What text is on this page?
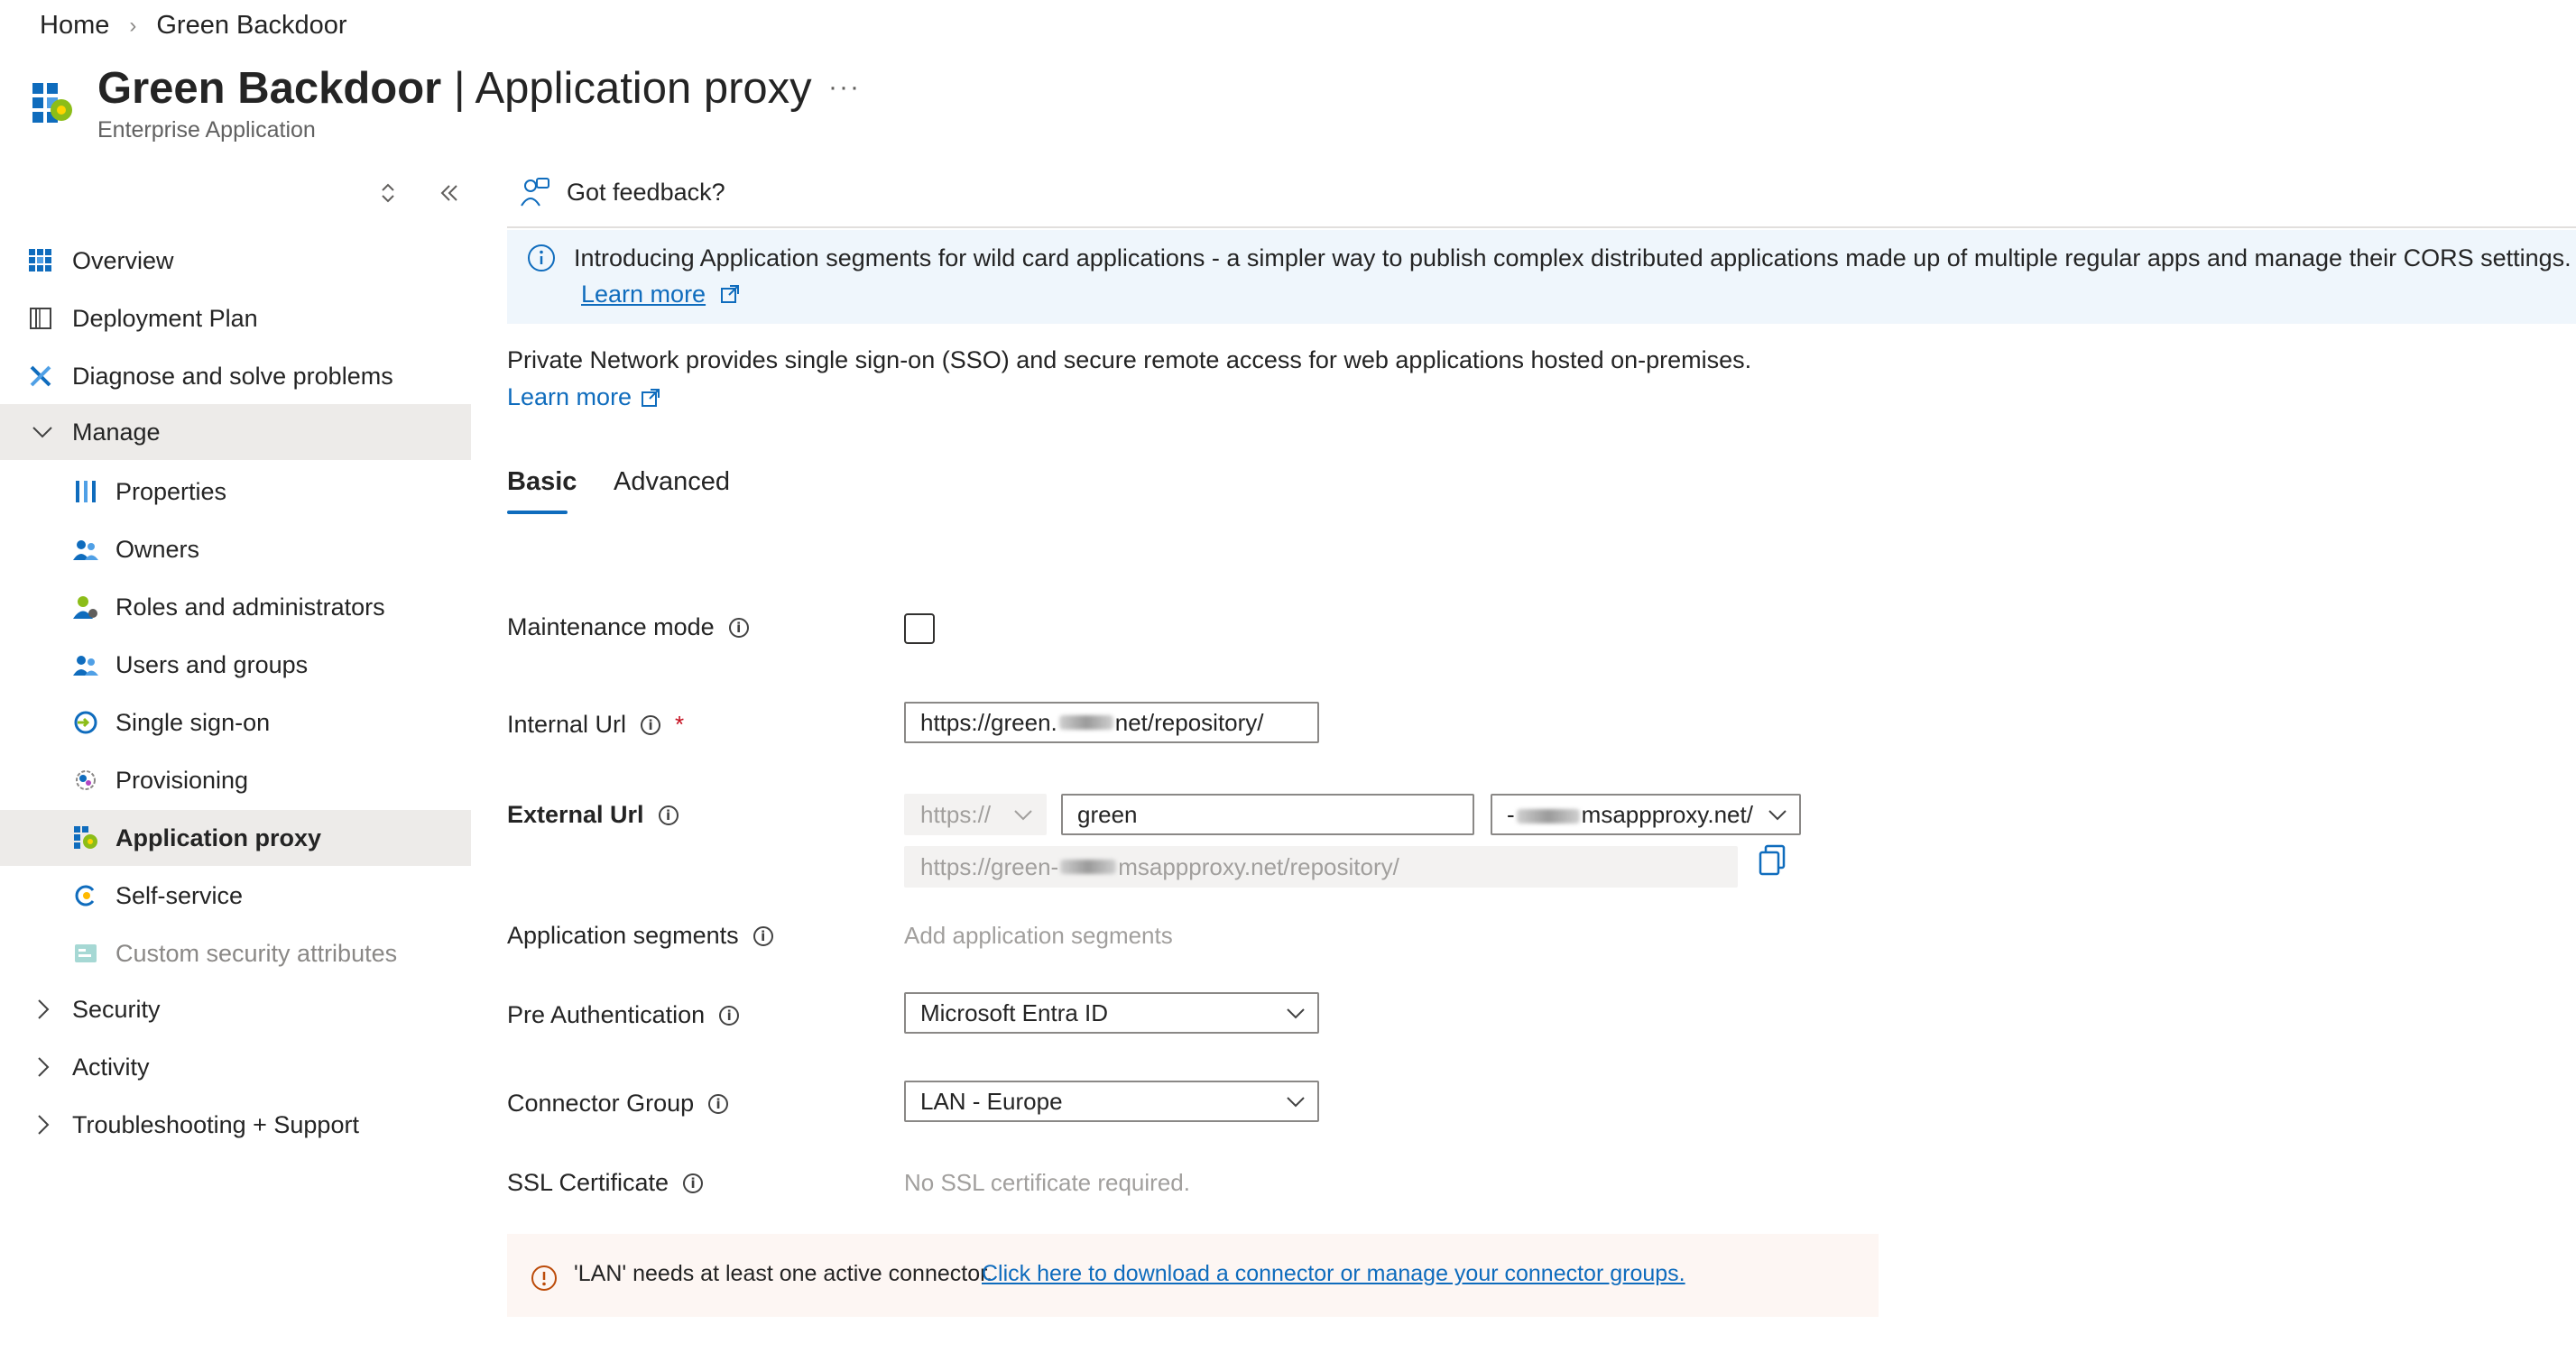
Home › Green Backdoor
Green Backdoor | Application proxy ···
Enterprise Application
Overview
Deployment Plan
Diagnose and solve problems
Manage
Properties
Owners
Roles and administrators
Users and groups
Single sign-on
Provisioning
Application proxy
Self-service
Custom security attributes
Security
Activity
Troubleshooting + Support
Got feedback?
Introducing Application segments for wild card applications - a simpler way to publish complex distributed applications made up of multiple regular apps and manage their CORS settings.
Learn more
Private Network provides single sign-on (SSO) and secure remote access for web applications hosted on-premises.
Learn more
Basic Advanced
Maintenance mode	i
Internal Url	i *	https://green. net/repository/
External Url	i	https://	green	-	msappproxy.net/
https://green-	msappproxy.net/repository/
Application segments	i	Add application segments
Pre Authentication	i	Microsoft Entra ID
Connector Group	i	LAN - Europe
SSL Certificate	i	No SSL certificate required.
'LAN' needs at least one active connector.
Click here to download a connector or manage your connector groups.
